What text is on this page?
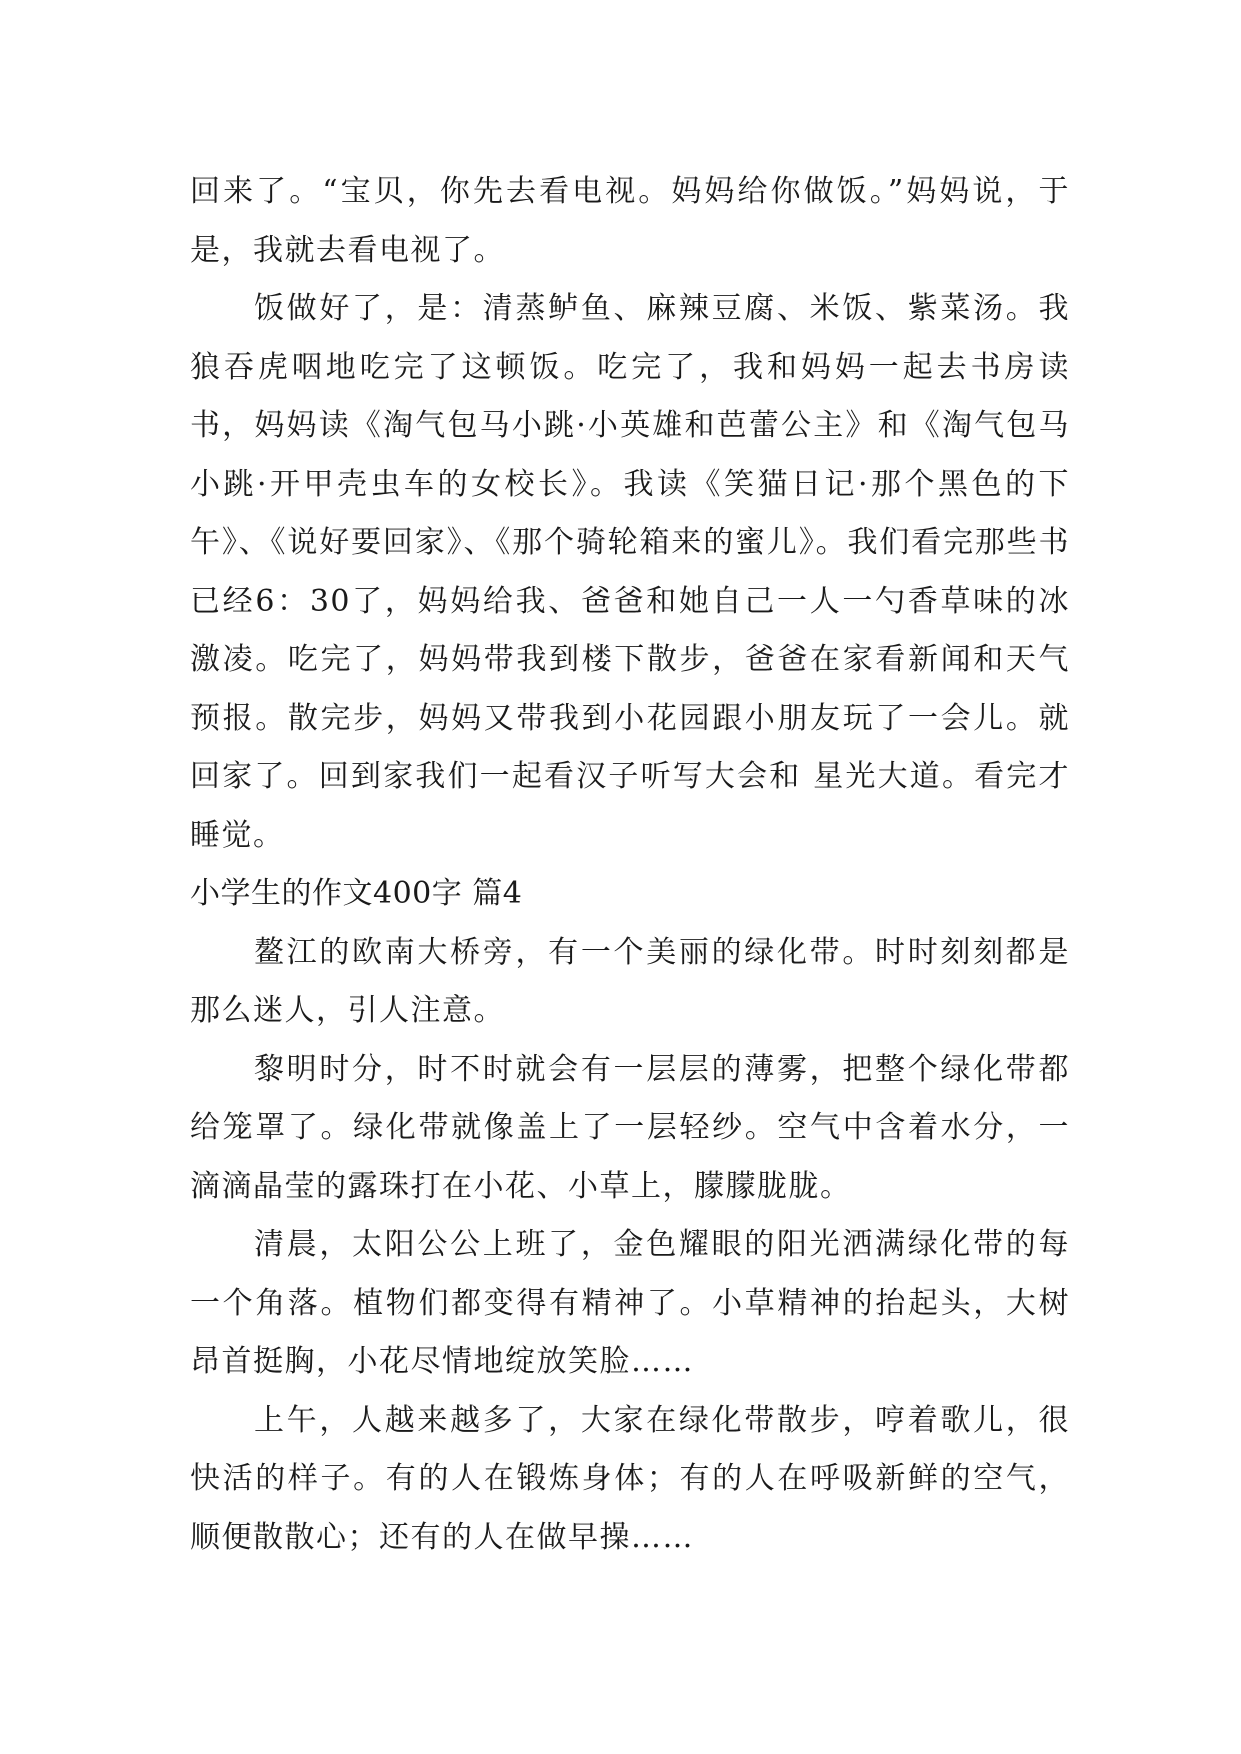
回来了。“宝贝，你先去看电视。妈妈给你做饭。”妈妈说，于是，我就去看电视了。

饭做好了，是：清蒸鲈鱼、麻辣豆腐、米饭、紫菜汤。我狼吞虎咽地吃完了这顿饭。吃完了，我和妈妈一起去书房读书，妈妈读《淘气包马小跳·小英雄和芭蕾公主》和《淘气包马小跳·开甲壳虫车的女校长》。我读《笑猫日记·那个黑色的下午》、《说好要回家》、《那个骑轮箱来的蜜儿》。我们看完那些书已经6：30了，妈妈给我、爸爸和她自己一人一勺香草味的冰激凌。吃完了，妈妈带我到楼下散步，爸爸在家看新闻和天气预报。散完步，妈妈又带我到小花园跟小朋友玩了一会儿。就回家了。回到家我们一起看汉子听写大会和 星光大道。看完才睡觉。

小学生的作文400字 篇4

鳌江的欧南大桥旁，有一个美丽的绿化带。时时刻刻都是那么迷人，引人注意。

黎明时分，时不时就会有一层层的薄雾，把整个绿化带都给笼罩了。绿化带就像盖上了一层轻纱。空气中含着水分，一滴滴晶莹的露珠打在小花、小草上，朦朦胧胧。

清晨，太阳公公上班了，金色耀眼的阳光洒满绿化带的每一个角落。植物们都变得有精神了。小草精神的抬起头，大树昂首挺胸，小花尽情地绽放笑脸……

上午，人越来越多了，大家在绿化带散步，哼着歌儿，很快活的样子。有的人在锻炼身体；有的人在呼吸新鲜的空气，顺便散散心；还有的人在做早操……
